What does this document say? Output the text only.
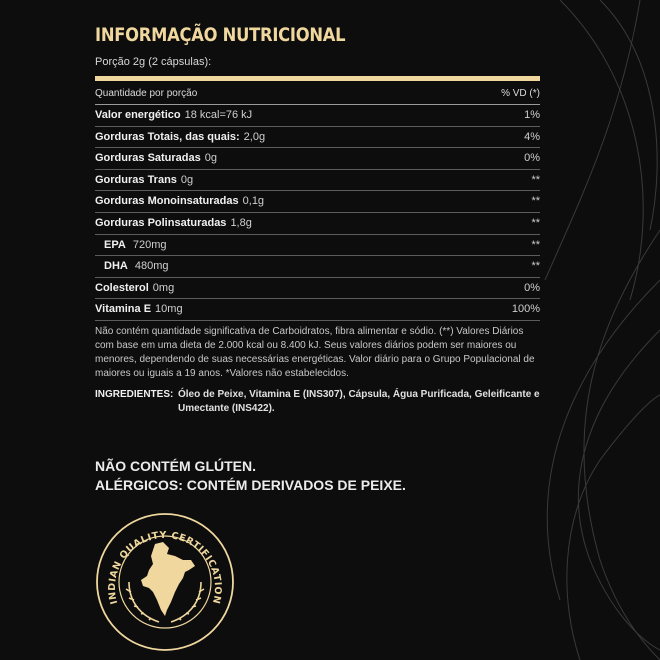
INFORMAÇÃO NUTRICIONAL
Porção 2g (2 cápsulas):
Quantidade por porção	% VD (*)
Valor energético 18 kcal=76 kJ	1%
Gorduras Totais, das quais: 2,0g	4%
Gorduras Saturadas 0g	0%
Gorduras Trans 0g	**
Gorduras Monoinsaturadas 0,1g	**
Gorduras Polinsaturadas 1,8g	**
EPA 720mg	**
DHA 480mg	**
Colesterol 0mg	0%
Vitamina E 10mg	100%
Não contém quantidade significativa de Carboidratos, fibra alimentar e sódio. (**) Valores Diários com base em uma dieta de 2.000 kcal ou 8.400 kJ. Seus valores diários podem ser maiores ou menores, dependendo de suas necessárias energéticas. Valor diário para o Grupo Populacional de maiores ou iguais a 19 anos. *Valores não estabelecidos.
INGREDIENTES: Óleo de Peixe, Vitamina E (INS307), Cápsula, Água Purificada, Geleificante e Umectante (INS422).
NÃO CONTÉM GLÚTEN.
ALÉRGICOS: CONTÉM DERIVADOS DE PEIXE.
INDIAN QUALITY CERTIFICATION
